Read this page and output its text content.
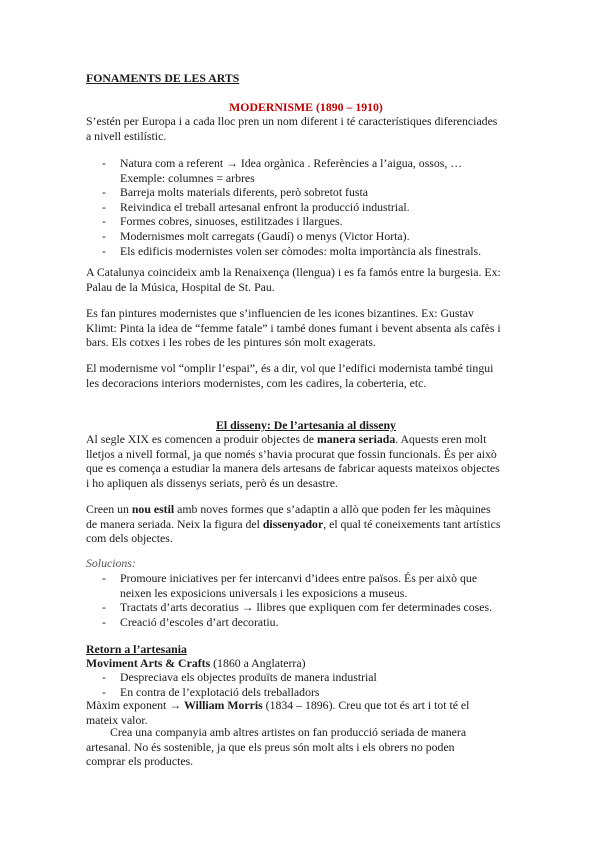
FONAMENTS DE LES ARTS
MODERNISME (1890 – 1910)
S’estén per Europa i a cada lloc pren un nom diferent i té característiques diferenciades
a nivell estilístic.
- Natura com a referent → Idea orgànica . Referències a l’aigua, ossos, …
Exemple: columnes = arbres
- Barreja molts materials diferents, però sobretot fusta
- Reivindica el treball artesanal enfront la producció industrial.
- Formes cobres, sinuoses, estilitzades i llargues.
- Modernismes molt carregats (Gaudí) o menys (Victor Horta).
- Els edificis modernistes volen ser còmodes: molta importància als finestrals.
A Catalunya coincideix amb la Renaixença (llengua) i es fa famós entre la burgesia. Ex:
Palau de la Música, Hospital de St. Pau.
Es fan pintures modernistes que s’influencien de les icones bizantines. Ex: Gustav
Klimt: Pinta la idea de “femme fatale” i també dones fumant i bevent absenta als cafès i
bars. Els cotxes i les robes de les pintures són molt exagerats.
El modernisme vol “omplir l’espai”, és a dir, vol que l’edifici modernista també tingui
les decoracions interiors modernistes, com les cadires, la coberteria, etc.
El disseny: De l’artesania al disseny
Al segle XIX es comencen a produir objectes de manera seriada. Aquests eren molt
lletjos a nivell formal, ja que només s’havia procurat que fossin funcionals. És per això
que es comença a estudiar la manera dels artesans de fabricar aquests mateixos objectes
i ho apliquen als dissenys seriats, però és un desastre.
Creen un nou estil amb noves formes que s’adaptin a allò que poden fer les màquines
de manera seriada. Neix la figura del dissenyador, el qual té coneixements tant artístics
com dels objectes.
Solucions:
- Promoure iniciatives per fer intercanvi d’idees entre països. És per això que
neixen les exposicions universals i les exposicions a museus.
- Tractats d’arts decoratius → llibres que expliquen com fer determinades coses.
- Creació d’escoles d’art decoratiu.
Retorn a l’artesania
Moviment Arts & Crafts (1860 a Anglaterra)
- Despreciava els objectes produïts de manera industrial
- En contra de l’explotació dels treballadors
Màxim exponent → William Morris (1834 – 1896). Creu que tot és art i tot té el
mateix valor.
Crea una companyia amb altres artistes on fan producció seriada de manera
artesanal. No és sostenible, ja que els preus són molt alts i els obrers no poden
comprar els productes.
